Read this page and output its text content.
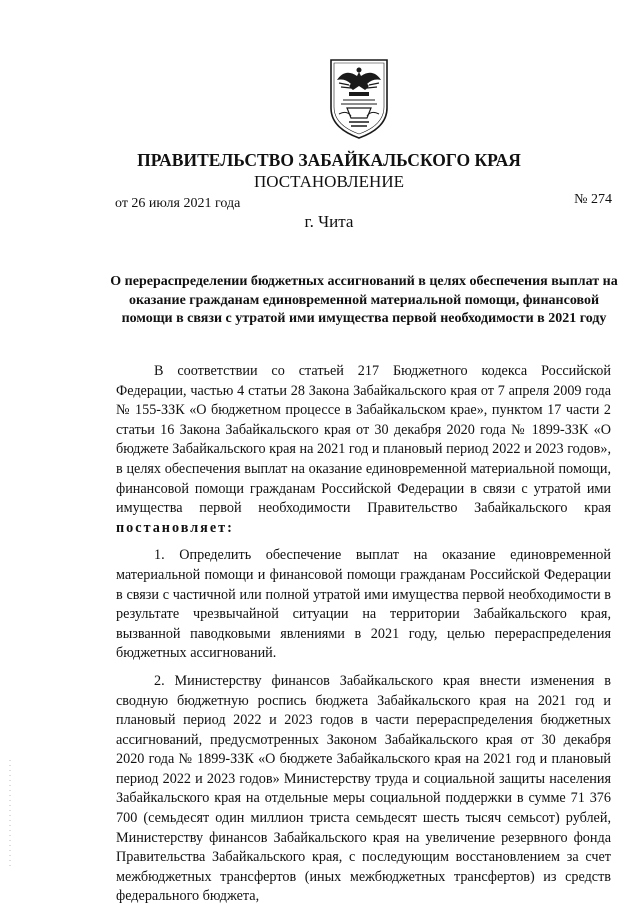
ПРАВИТЕЛЬСТВО ЗАБАЙКАЛЬСКОГО КРАЯ
ПОСТАНОВЛЕНИЕ
от 26 июля 2021 года	№ 274
г. Чита
О перераспределении бюджетных ассигнований в целях обеспечения выплат на оказание гражданам единовременной материальной помощи, финансовой помощи в связи с утратой ими имущества первой необходимости в 2021 году

В соответствии со статьей 217 Бюджетного кодекса Российской Федерации, частью 4 статьи 28 Закона Забайкальского края от 7 апреля 2009 года № 155-ЗЗК «О бюджетном процессе в Забайкальском крае», пунктом 17 части 2 статьи 16 Закона Забайкальского края от 30 декабря 2020 года № 1899-ЗЗК «О бюджете Забайкальского края на 2021 год и плановый период 2022 и 2023 годов», в целях обеспечения выплат на оказание единовременной материальной помощи, финансовой помощи гражданам Российской Федерации в связи с утратой ими имущества первой необходимости Правительство Забайкальского края постановляет:

1. Определить обеспечение выплат на оказание единовременной материальной помощи и финансовой помощи гражданам Российской Федерации в связи с частичной или полной утратой ими имущества первой необходимости в результате чрезвычайной ситуации на территории Забайкальского края, вызванной паводковыми явлениями в 2021 году, целью перераспределения бюджетных ассигнований.

2. Министерству финансов Забайкальского края внести изменения в сводную бюджетную роспись бюджета Забайкальского края на 2021 год и плановый период 2022 и 2023 годов в части перераспределения бюджетных ассигнований, предусмотренных Законом Забайкальского края от 30 декабря 2020 года № 1899-ЗЗК «О бюджете Забайкальского края на 2021 год и плановый период 2022 и 2023 годов» Министерству труда и социальной защиты населения Забайкальского края на отдельные меры социальной поддержки в сумме 71 376 700 (семьдесят один миллион триста семьдесят шесть тысяч семьсот) рублей, Министерству финансов Забайкальского края на увеличение резервного фонда Правительства Забайкальского края, с последующим восстановлением за счет межбюджетных трансфертов (иных межбюджетных трансфертов) из средств федерального бюджета,
